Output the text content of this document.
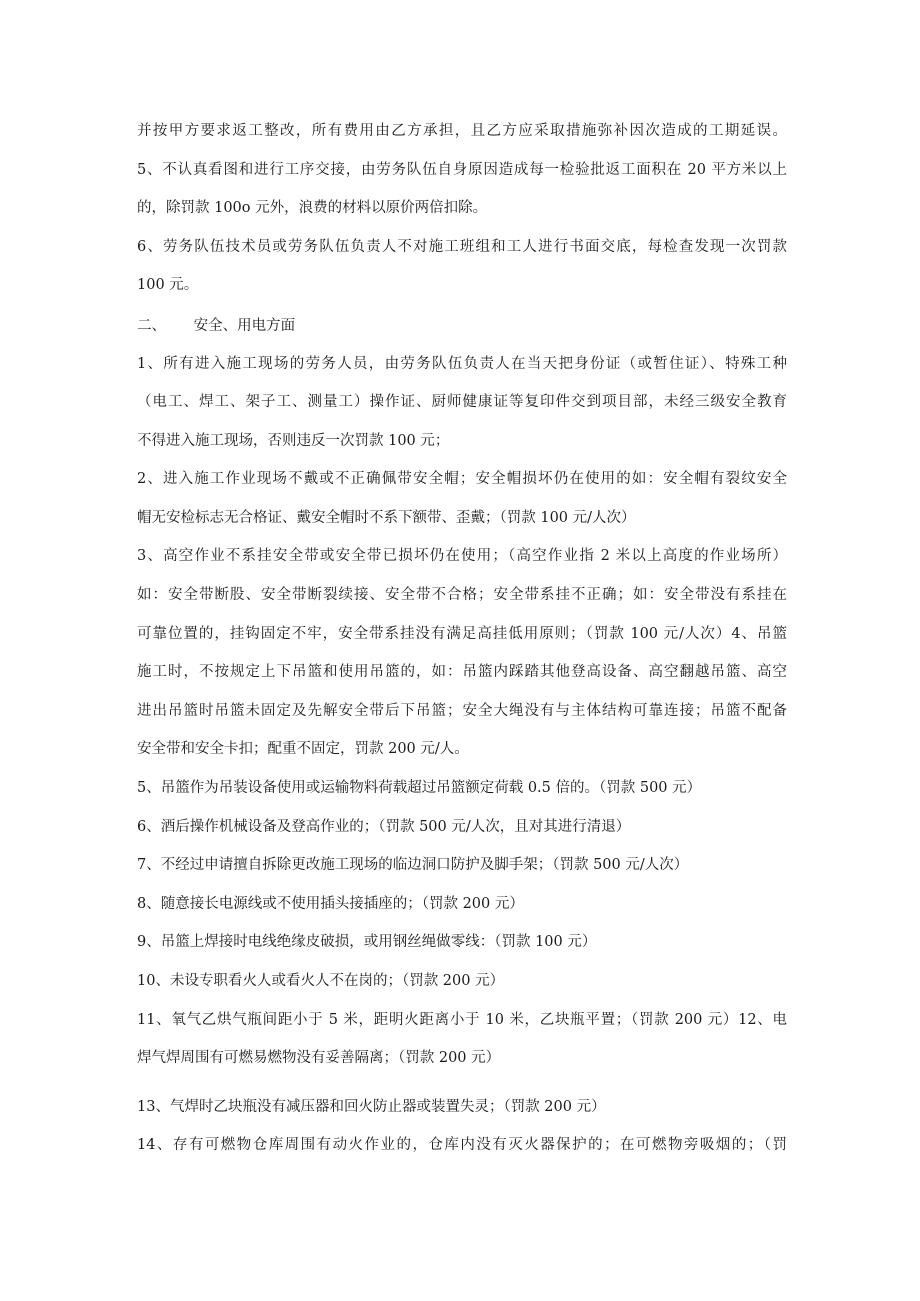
并按甲方要求返工整改，所有费用由乙方承担，且乙方应采取措施弥补因次造成的工期延误。
5、不认真看图和进行工序交接，由劳务队伍自身原因造成每一检验批返工面积在 20 平方米以上
的，除罚款 100o 元外，浪费的材料以原价两倍扣除。
6、劳务队伍技术员或劳务队伍负责人不对施工班组和工人进行书面交底，每检查发现一次罚款
100 元。
二、      安全、用电方面
1、所有进入施工现场的劳务人员，由劳务队伍负责人在当天把身份证（或暂住证）、特殊工种
（电工、焊工、架子工、测量工）操作证、厨师健康证等复印件交到项目部，未经三级安全教育
不得进入施工现场，否则违反一次罚款 100 元；
2、进入施工作业现场不戴或不正确佩带安全帽；安全帽损坏仍在使用的如：安全帽有裂纹安全
帽无安检标志无合格证、戴安全帽时不系下额带、歪戴；（罚款 100 元/人次）
3、高空作业不系挂安全带或安全带已损坏仍在使用；（高空作业指 2 米以上高度的作业场所）
如：安全带断股、安全带断裂续接、安全带不合格；安全带系挂不正确；如：安全带没有系挂在
可靠位置的，挂钩固定不牢，安全带系挂没有满足高挂低用原则；（罚款 100 元/人次）4、吊篮
施工时，不按规定上下吊篮和使用吊篮的，如：吊篮内踩踏其他登高设备、高空翻越吊篮、高空
进出吊篮时吊篮未固定及先解安全带后下吊篮；安全大绳没有与主体结构可靠连接；吊篮不配备
安全带和安全卡扣；配重不固定，罚款 200 元/人。
5、吊篮作为吊装设备使用或运输物料荷载超过吊篮额定荷载 0.5 倍的。（罚款 500 元）
6、酒后操作机械设备及登高作业的；（罚款 500 元/人次，且对其进行清退）
7、不经过申请擅自拆除更改施工现场的临边洞口防护及脚手架；（罚款 500 元/人次）
8、随意接长电源线或不使用插头接插座的；（罚款 200 元）
9、吊篮上焊接时电线绝缘皮破损，或用钢丝绳做零线：（罚款 100 元）
10、未设专职看火人或看火人不在岗的；（罚款 200 元）
11、氧气乙烘气瓶间距小于 5 米，距明火距离小于 10 米，乙块瓶平置；（罚款 200 元）12、电
焊气焊周围有可燃易燃物没有妥善隔离；（罚款 200 元）
13、气焊时乙块瓶没有减压器和回火防止器或装置失灵；（罚款 200 元）
14、存有可燃物仓库周围有动火作业的，仓库内没有灭火器保护的；在可燃物旁吸烟的；（罚
